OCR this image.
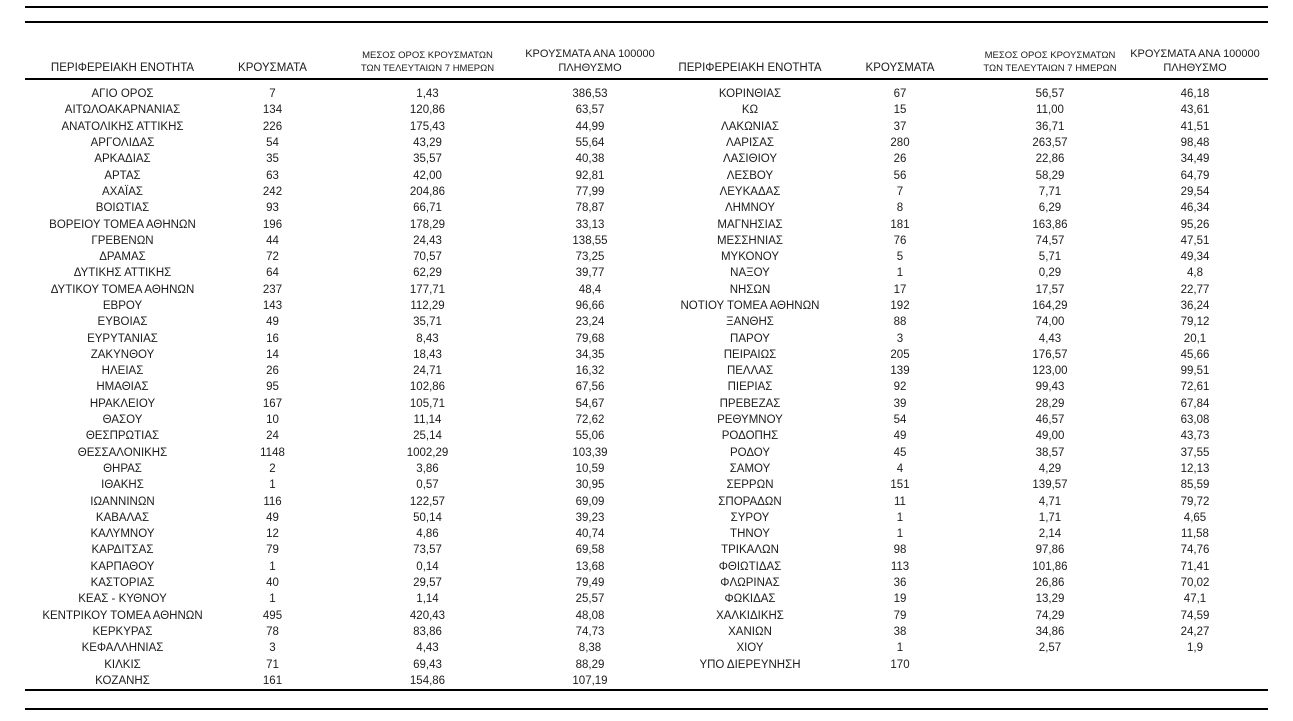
ΠΕΡΙΦΕΡΕΙΑΚΗ ΕΝΟΤΗΤΑ	ΚΡΟΥΣΜΑΤΑ
ΜΕΣΟΣ ΟΡΟΣ ΚΡΟΥΣΜΑΤΩΝ
ΤΩΝ ΤΕΛΕΥΤΑΙΩΝ 7 ΗΜΕΡΩΝ
ΚΡΟΥΣΜΑΤΑ ΑΝΑ 100000
ΠΛΗΘΥΣΜΟ
ΑΓΙΟ ΟΡΟΣ	7	1,43	386,53
ΑΙΤΩΛΟΑΚΑΡΝΑΝΙΑΣ	134	120,86	63,57
ΑΝΑΤΟΛΙΚΗΣ ΑΤΤΙΚΗΣ	226	175,43	44,99
ΑΡΓΟΛΙΔΑΣ	54	43,29	55,64
ΑΡΚΑΔΙΑΣ	35	35,57	40,38
ΑΡΤΑΣ	63	42,00	92,81
ΑΧΑΪΑΣ	242	204,86	77,99
ΒΟΙΩΤΙΑΣ	93	66,71	78,87
ΒΟΡΕΙΟΥ ΤΟΜΕΑ ΑΘΗΝΩΝ	196	178,29	33,13
ΓΡΕΒΕΝΩΝ	44	24,43	138,55
ΔΡΑΜΑΣ	72	70,57	73,25
ΔΥΤΙΚΗΣ ΑΤΤΙΚΗΣ	64	62,29	39,77
ΔΥΤΙΚΟΥ ΤΟΜΕΑ ΑΘΗΝΩΝ	237	177,71	48,4
ΕΒΡΟΥ	143	112,29	96,66
ΕΥΒΟΙΑΣ	49	35,71	23,24
ΕΥΡΥΤΑΝΙΑΣ	16	8,43	79,68
ΖΑΚΥΝΘΟΥ	14	18,43	34,35
ΗΛΕΙΑΣ	26	24,71	16,32
ΗΜΑΘΙΑΣ	95	102,86	67,56
ΗΡΑΚΛΕΙΟΥ	167	105,71	54,67
ΘΑΣΟΥ	10	11,14	72,62
ΘΕΣΠΡΩΤΙΑΣ	24	25,14	55,06
ΘΕΣΣΑΛΟΝΙΚΗΣ	1148	1002,29	103,39
ΘΗΡΑΣ	2	3,86	10,59
ΙΘΑΚΗΣ	1	0,57	30,95
ΙΩΑΝΝΙΝΩΝ	116	122,57	69,09
ΚΑΒΑΛΑΣ	49	50,14	39,23
ΚΑΛΥΜΝΟΥ	12	4,86	40,74
ΚΑΡΔΙΤΣΑΣ	79	73,57	69,58
ΚΑΡΠΑΘΟΥ	1	0,14	13,68
ΚΑΣΤΟΡΙΑΣ	40	29,57	79,49
ΚΕΑΣ - ΚΥΘΝΟΥ	1	1,14	25,57
ΚΕΝΤΡΙΚΟΥ ΤΟΜΕΑ ΑΘΗΝΩΝ	495	420,43	48,08
ΚΕΡΚΥΡΑΣ	78	83,86	74,73
ΚΕΦΑΛΛΗΝΙΑΣ	3	4,43	8,38
ΚΙΛΚΙΣ	71	69,43	88,29
ΚΟΖΑΝΗΣ	161	154,86	107,19
ΠΕΡΙΦΕΡΕΙΑΚΗ ΕΝΟΤΗΤΑ	ΚΡΟΥΣΜΑΤΑ
ΜΕΣΟΣ ΟΡΟΣ ΚΡΟΥΣΜΑΤΩΝ
ΤΩΝ ΤΕΛΕΥΤΑΙΩΝ 7 ΗΜΕΡΩΝ
ΚΡΟΥΣΜΑΤΑ ΑΝΑ 100000
ΠΛΗΘΥΣΜΟ
ΚΟΡΙΝΘΙΑΣ	67	56,57	46,18
ΚΩ	15	11,00	43,61
ΛΑΚΩΝΙΑΣ	37	36,71	41,51
ΛΑΡΙΣΑΣ	280	263,57	98,48
ΛΑΣΙΘΙΟΥ	26	22,86	34,49
ΛΕΣΒΟΥ	56	58,29	64,79
ΛΕΥΚΑΔΑΣ	7	7,71	29,54
ΛΗΜΝΟΥ	8	6,29	46,34
ΜΑΓΝΗΣΙΑΣ	181	163,86	95,26
ΜΕΣΣΗΝΙΑΣ	76	74,57	47,51
ΜΥΚΟΝΟΥ	5	5,71	49,34
ΝΑΞΟΥ	1	0,29	4,8
ΝΗΣΩΝ	17	17,57	22,77
ΝΟΤΙΟΥ ΤΟΜΕΑ ΑΘΗΝΩΝ	192	164,29	36,24
ΞΑΝΘΗΣ	88	74,00	79,12
ΠΑΡΟΥ	3	4,43	20,1
ΠΕΙΡΑΙΩΣ	205	176,57	45,66
ΠΕΛΛΑΣ	139	123,00	99,51
ΠΙΕΡΙΑΣ	92	99,43	72,61
ΠΡΕΒΕΖΑΣ	39	28,29	67,84
ΡΕΘΥΜΝΟΥ	54	46,57	63,08
ΡΟΔΟΠΗΣ	49	49,00	43,73
ΡΟΔΟΥ	45	38,57	37,55
ΣΑΜΟΥ	4	4,29	12,13
ΣΕΡΡΩΝ	151	139,57	85,59
ΣΠΟΡΑΔΩΝ	11	4,71	79,72
ΣΥΡΟΥ	1	1,71	4,65
ΤΗΝΟΥ	1	2,14	11,58
ΤΡΙΚΑΛΩΝ	98	97,86	74,76
ΦΘΙΩΤΙΔΑΣ	113	101,86	71,41
ΦΛΩΡΙΝΑΣ	36	26,86	70,02
ΦΩΚΙΔΑΣ	19	13,29	47,1
ΧΑΛΚΙΔΙΚΗΣ	79	74,29	74,59
ΧΑΝΙΩΝ	38	34,86	24,27
ΧΙΟΥ	1	2,57	1,9
ΥΠΟ ΔΙΕΡΕΥΝΗΣΗ	170
